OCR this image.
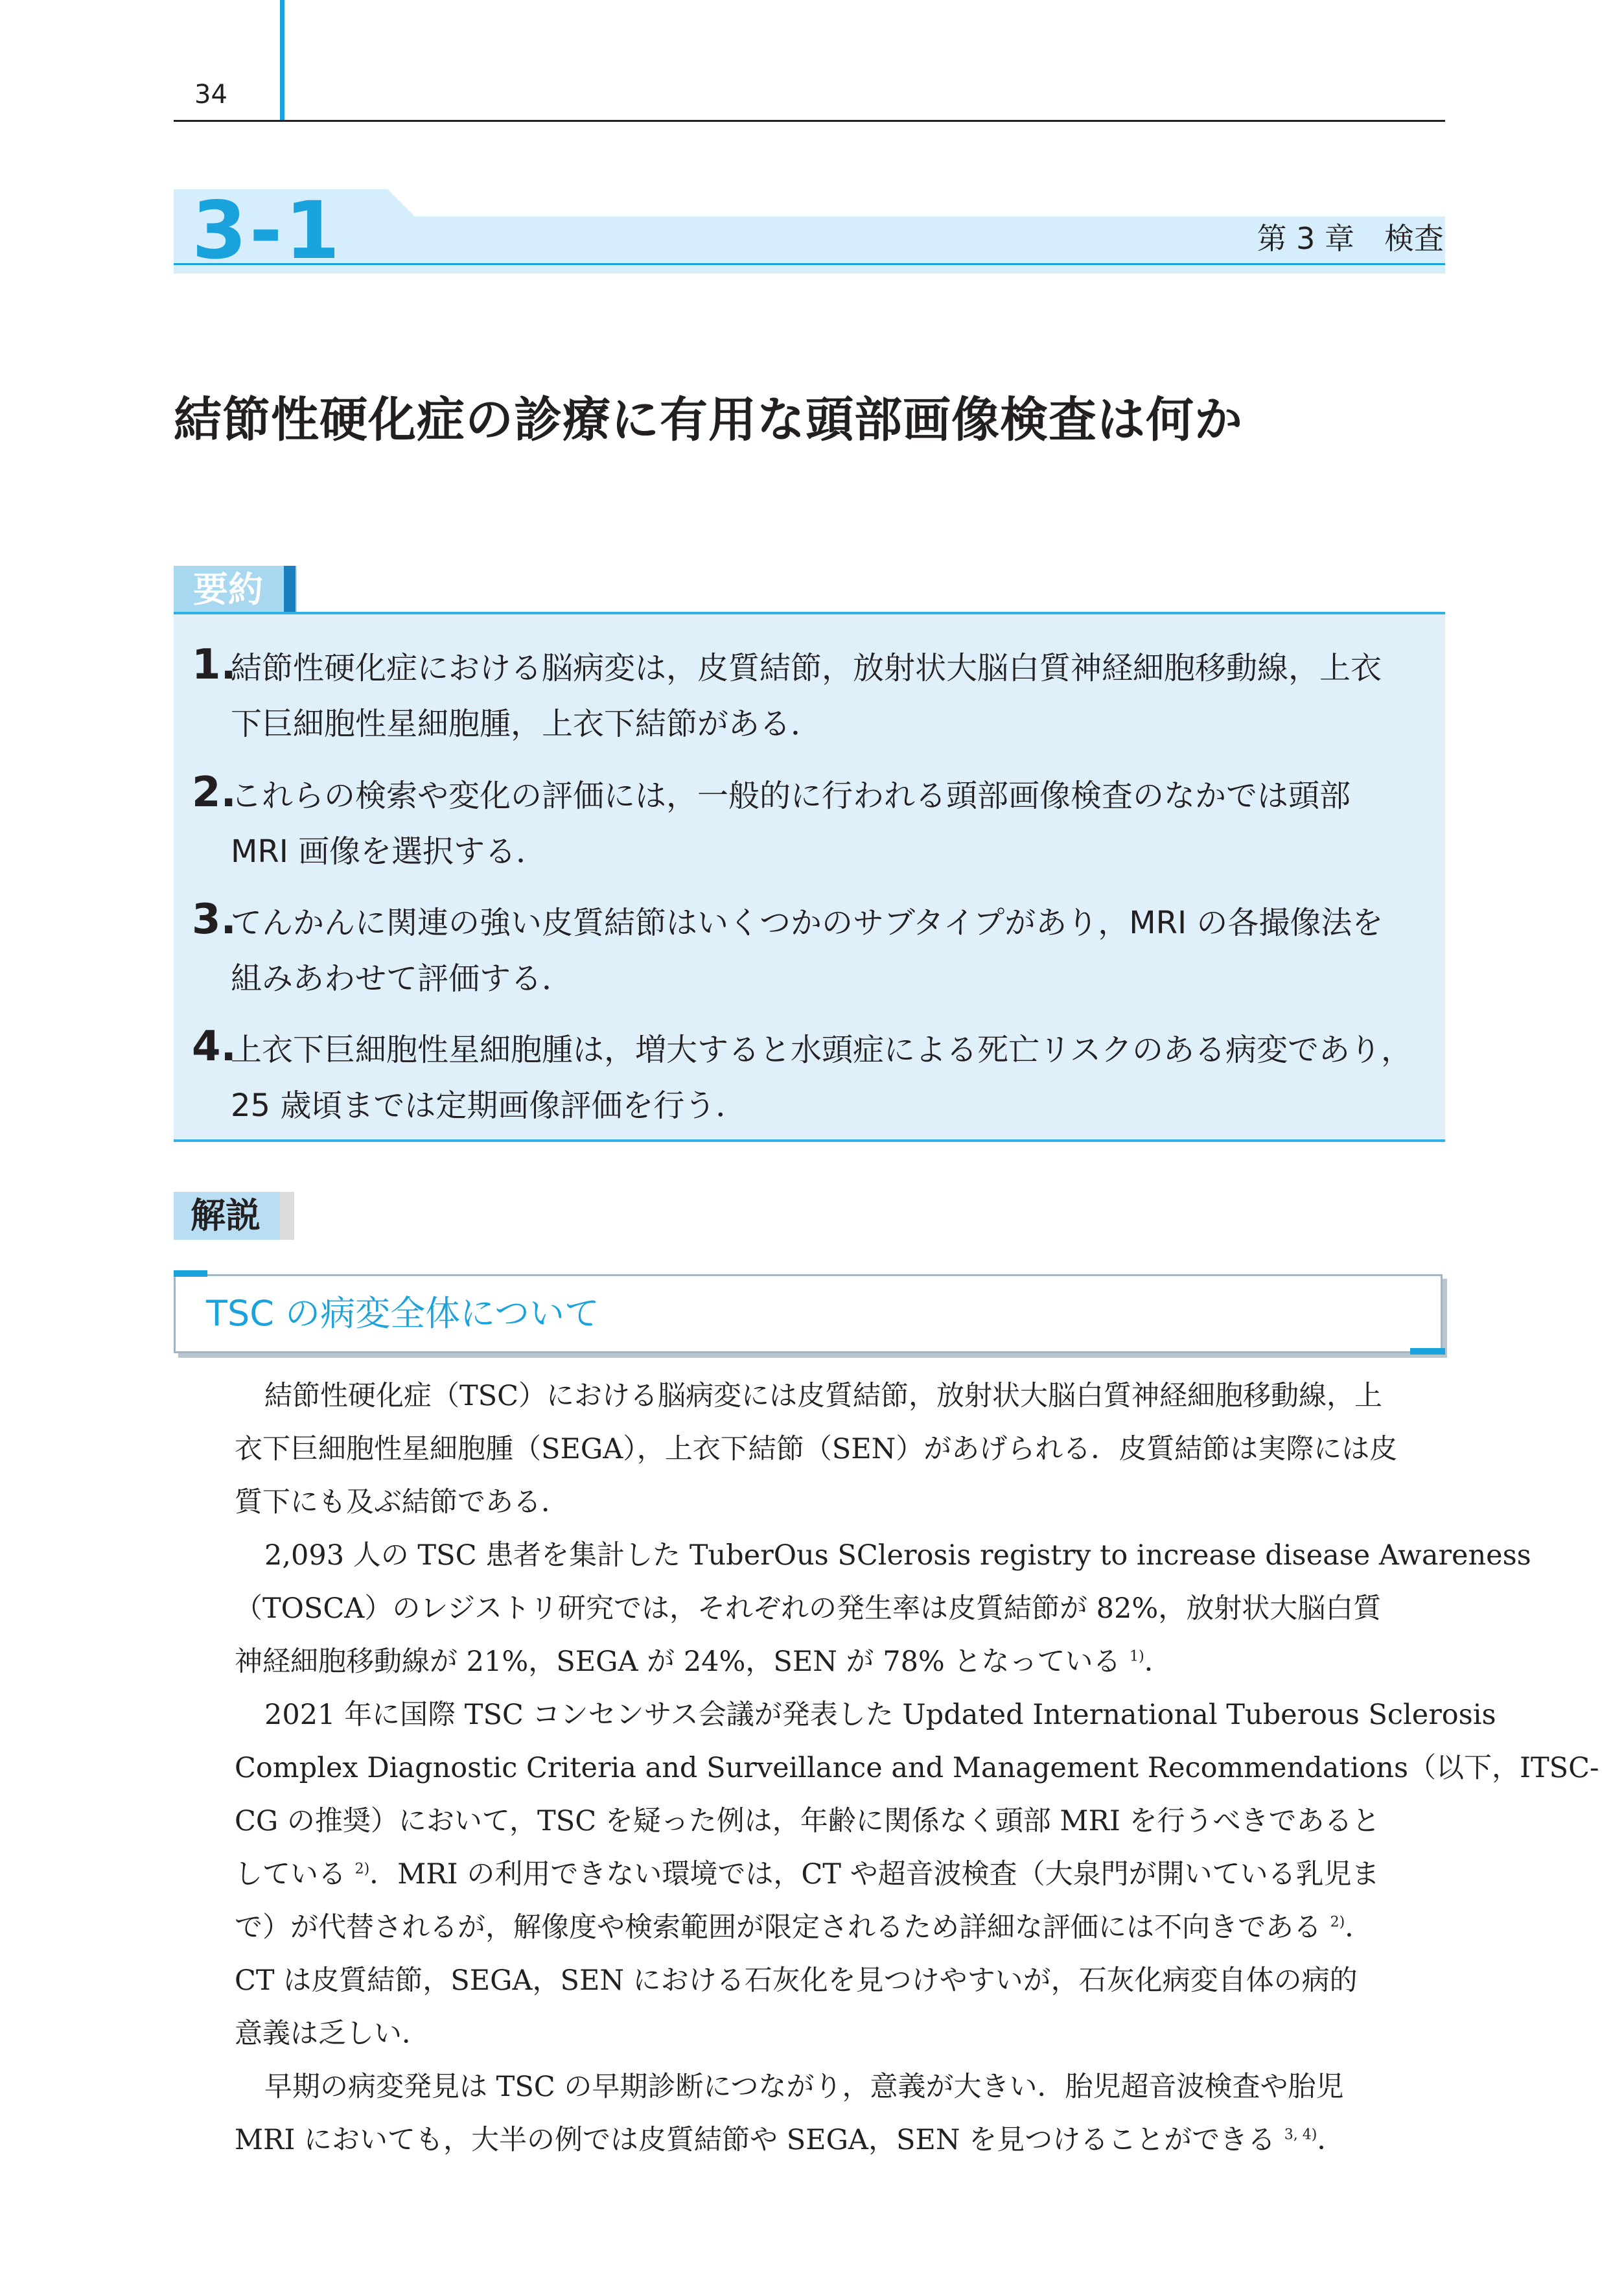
34
3-1	第 3 章　検査
結節性硬化症の診療に有用な頭部画像検査は何か
要約
1.
結節性硬化症における脳病変は，皮質結節，放射状大脳白質神経細胞移動線，上衣
下巨細胞性星細胞腫，上衣下結節がある．
2.
これらの検索や変化の評価には，一般的に行われる頭部画像検査のなかでは頭部
MRI 画像を選択する．
3.
てんかんに関連の強い皮質結節はいくつかのサブタイプがあり，MRI の各撮像法を
組みあわせて評価する．
4.
上衣下巨細胞性星細胞腫は，増大すると水頭症による死亡リスクのある病変であり，
25 歳頃までは定期画像評価を行う．
解説
TSC の病変全体について
結節性硬化症（TSC）における脳病変には皮質結節，放射状大脳白質神経細胞移動線，上
衣下巨細胞性星細胞腫（SEGA），上衣下結節（SEN）があげられる．皮質結節は実際には皮
質下にも及ぶ結節である．
2,093 人の TSC 患者を集計した TuberOus SClerosis registry to increase disease Awareness
（TOSCA）のレジストリ研究では，それぞれの発生率は皮質結節が 82%，放射状大脳白質
神経細胞移動線が 21%，SEGA が 24%，SEN が 78% となっている $^{1)}$．
2021 年に国際 TSC コンセンサス会議が発表した Updated International Tuberous Sclerosis
Complex Diagnostic Criteria and Surveillance and Management Recommendations（以下，ITSC-
CG の推奨）において，TSC を疑った例は，年齢に関係なく頭部 MRI を行うべきであると
している $^{2)}$．MRI の利用できない環境では，CT や超音波検査（大泉門が開いている乳児ま
で）が代替されるが，解像度や検索範囲が限定されるため詳細な評価には不向きである $^{2)}$．
CT は皮質結節，SEGA，SEN における石灰化を見つけやすいが，石灰化病変自体の病的
意義は乏しい．
早期の病変発見は TSC の早期診断につながり，意義が大きい．胎児超音波検査や胎児
MRI においても，大半の例では皮質結節や SEGA，SEN を見つけることができる $^{3, 4)}$．
